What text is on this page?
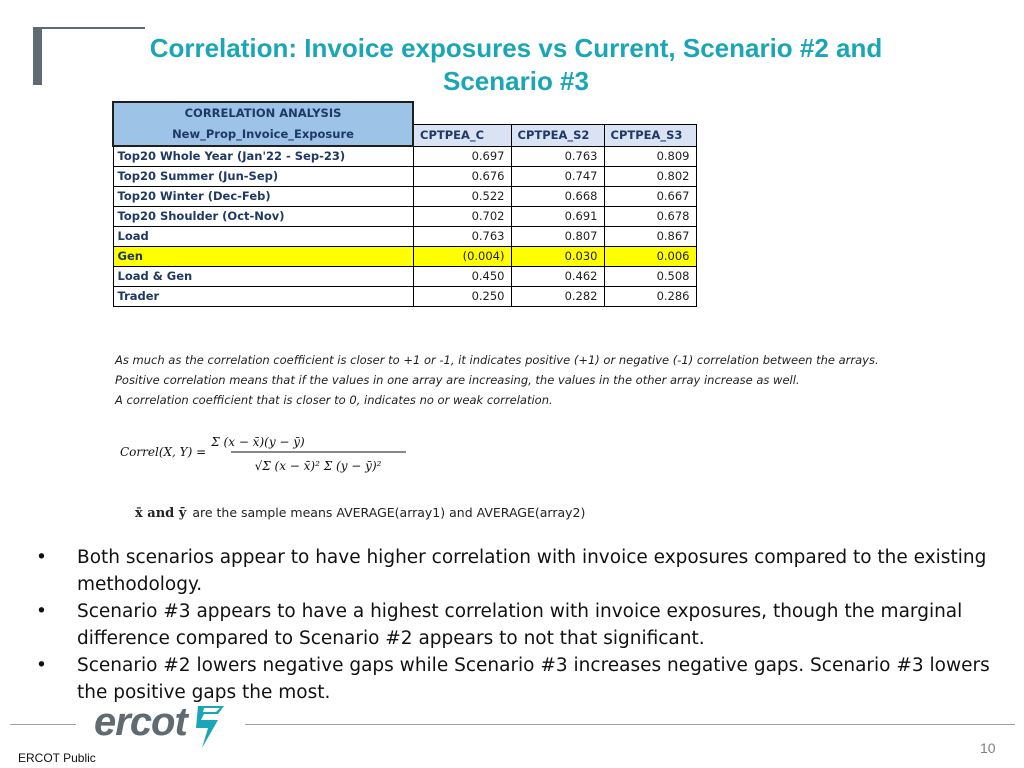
Correlation: Invoice exposures vs Current, Scenario #2 and
Scenario #3
CORRELATION ANALYSIS
New_Prop_Invoice_Exposure			

	CPTPEA_C	CPTPEA_S2	CPTPEA_S3
Top20 Whole Year (Jan'22 - Sep-23)	0.697	0.763	0.809
Top20 Summer (Jun-Sep)	0.676	0.747	0.802
Top20 Winter (Dec-Feb)	0.522	0.668	0.667
Top20 Shoulder (Oct-Nov)	0.702	0.691	0.678
Load	0.763	0.807	0.867
Gen	(0.004)	0.030	0.006
Load & Gen	0.450	0.462	0.508
Trader	0.250	0.282	0.286
As much as the correlation coefficient is closer to +1 or -1, it indicates positive (+1) or negative (-1) correlation between the arrays.
Positive correlation means that if the values in one array are increasing, the values in the other array increase as well.
A correlation coefficient that is closer to 0, indicates no or weak correlation.
Correl(X, Y) =
Σ (x − x̄)(y − ȳ)
√Σ (x − x̄)² Σ (y − ȳ)²
x̄ and ȳ are the sample means AVERAGE(array1) and AVERAGE(array2)
• Both scenarios appear to have higher correlation with invoice exposures compared to the existing methodology.
• Scenario #3 appears to have a highest correlation with invoice exposures, though the marginal difference compared to Scenario #2 appears to not that significant.
• Scenario #2 lowers negative gaps while Scenario #3 increases negative gaps. Scenario #3 lowers the positive gaps the most.
ercot
10
ERCOT Public
